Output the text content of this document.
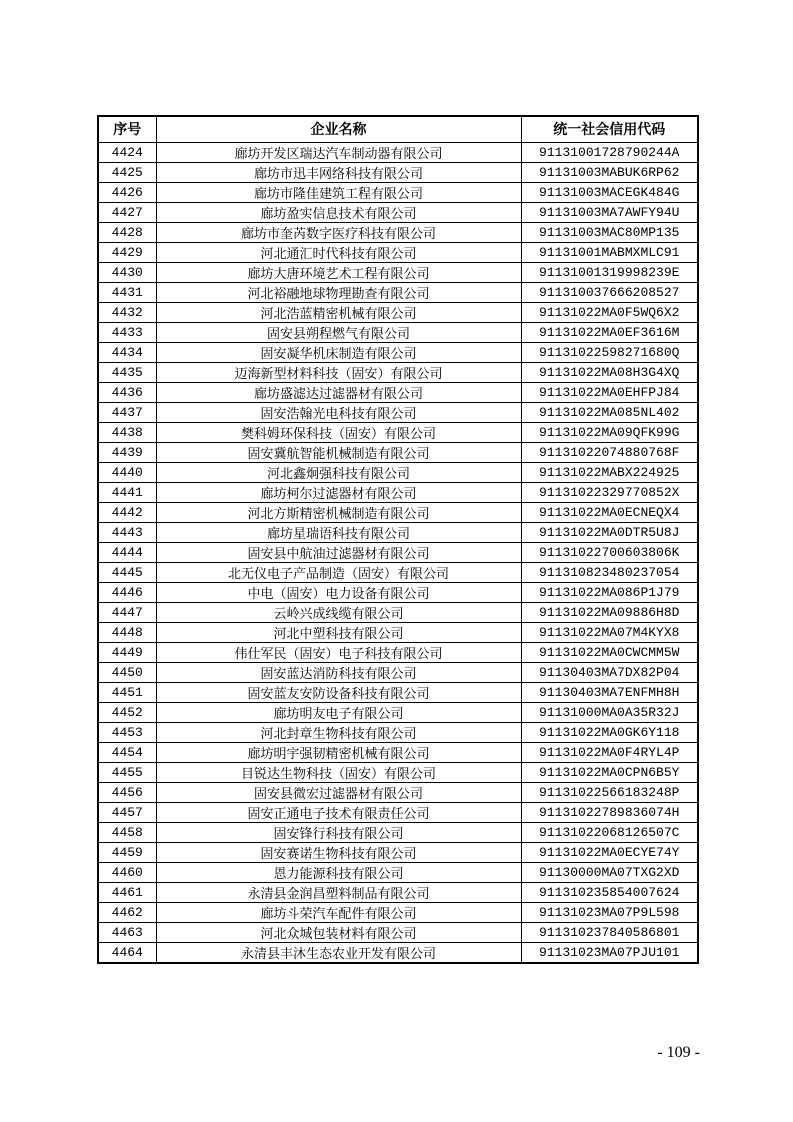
序号	企业名称	统一社会信用代码
4424	廊坊开发区瑞达汽车制动器有限公司	91131001728790244A
4425	廊坊市迅丰网络科技有限公司	91131003MABUK6RP62
4426	廊坊市隆佳建筑工程有限公司	91131003MACEGK484G
4427	廊坊盈实信息技术有限公司	91131003MA7AWFY94U
4428	廊坊市奎芮数字医疗科技有限公司	91131003MAC80MP135
4429	河北通汇时代科技有限公司	91131001MABMXMLC91
4430	廊坊大唐环境艺术工程有限公司	91131001319998239E
4431	河北裕融地球物理勘查有限公司	911310037666208527
4432	河北浩蓝精密机械有限公司	91131022MA0F5WQ6X2
4433	固安县朔程燃气有限公司	91131022MA0EF3616M
4434	固安凝华机床制造有限公司	91131022598271680Q
4435	迈海新型材料科技（固安）有限公司	91131022MA08H3G4XQ
4436	廊坊盛滤达过滤器材有限公司	91131022MA0EHFPJ84
4437	固安浩翰光电科技有限公司	91131022MA085NL402
4438	樊科姆环保科技（固安）有限公司	91131022MA09QFK99G
4439	固安冀航智能机械制造有限公司	91131022074880768F
4440	河北鑫炯强科技有限公司	91131022MABX224925
4441	廊坊柯尔过滤器材有限公司	91131022329770852X
4442	河北方斯精密机械制造有限公司	91131022MA0ECNEQX4
4443	廊坊星瑞语科技有限公司	91131022MA0DTR5U8J
4444	固安县中航油过滤器材有限公司	91131022700603806K
4445	北无仪电子产品制造（固安）有限公司	911310823480237054
4446	中电（固安）电力设备有限公司	91131022MA086P1J79
4447	云岭兴成线缆有限公司	91131022MA09886H8D
4448	河北中塑科技有限公司	91131022MA07M4KYX8
4449	伟仕军民（固安）电子科技有限公司	91131022MA0CWCMM5W
4450	固安蓝达消防科技有限公司	91130403MA7DX82P04
4451	固安蓝友安防设备科技有限公司	91130403MA7ENFMH8H
4452	廊坊明友电子有限公司	91131000MA0A35R32J
4453	河北封章生物科技有限公司	91131022MA0GK6Y118
4454	廊坊明宇强韧精密机械有限公司	91131022MA0F4RYL4P
4455	目锐达生物科技（固安）有限公司	91131022MA0CPN6B5Y
4456	固安县微宏过滤器材有限公司	91131022566183248P
4457	固安正通电子技术有限责任公司	91131022789836074H
4458	固安锋行科技有限公司	91131022068126507C
4459	固安赛诺生物科技有限公司	91131022MA0ECYE74Y
4460	恩力能源科技有限公司	91130000MA07TXG2XD
4461	永清县金润昌塑料制品有限公司	911310235854007624
4462	廊坊斗荣汽车配件有限公司	91131023MA07P9L598
4463	河北众城包装材料有限公司	911310237840586801
4464	永清县丰沐生态农业开发有限公司	91131023MA07PJU101
- 109 -
